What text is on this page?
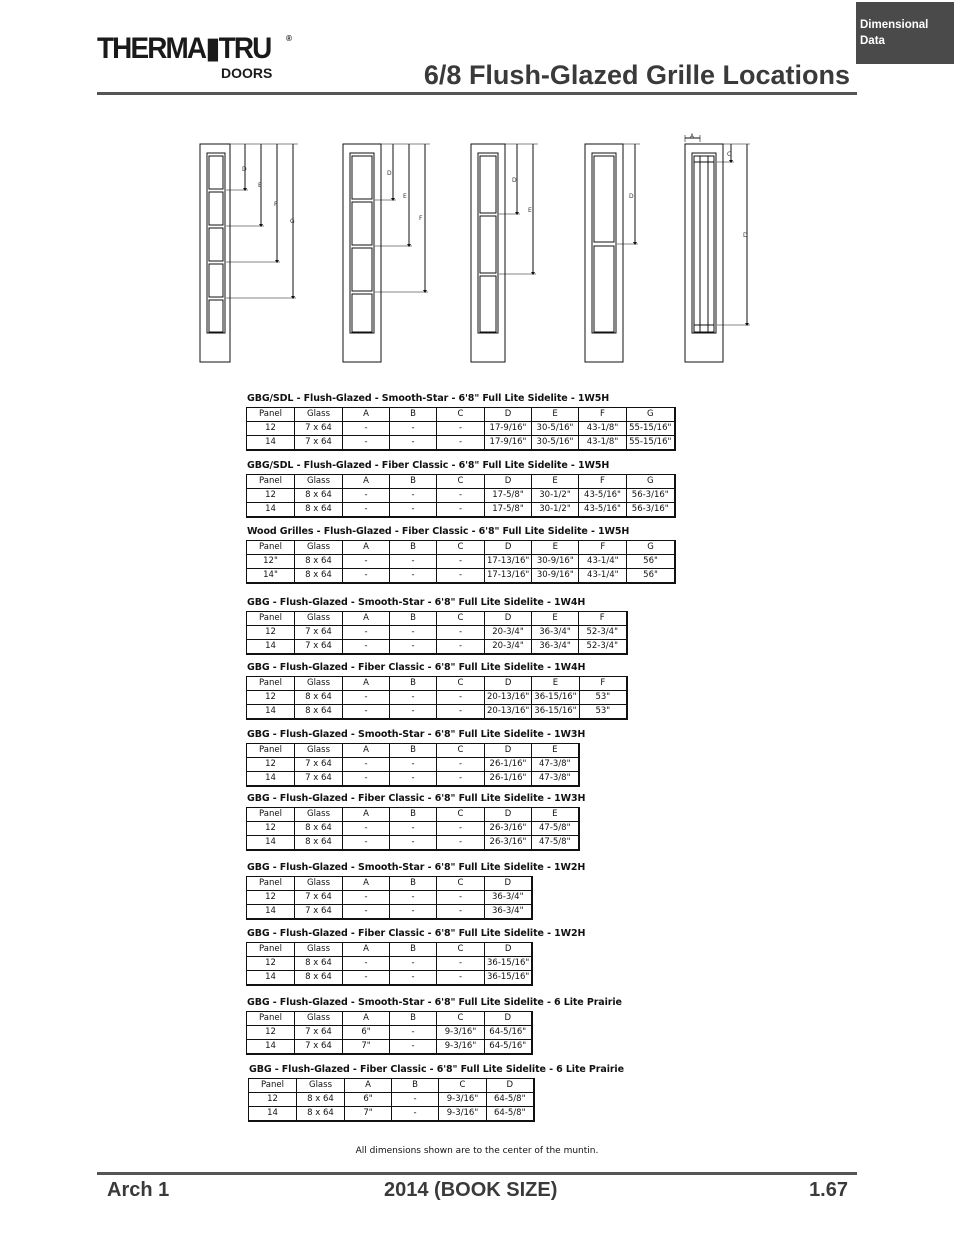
Dimensional
Data
THERMA▮TRU ®
DOORS	6/8 Flush-Glazed Grille Locations
D
E
F
G
D
E
F
D
E
D
A
C
D
GBG/SDL - Flush-Glazed - Smooth-Star - 6'8" Full Lite Sidelite - 1W5H
Panel	Glass	A	B	C	D	E	F	G
12	7 x 64	-	-	-	17-9/16"	30-5/16"	43-1/8"	55-15/16"
14	7 x 64	-	-	-	17-9/16"	30-5/16"	43-1/8"	55-15/16"
GBG/SDL - Flush-Glazed - Fiber Classic - 6'8" Full Lite Sidelite - 1W5H
Panel	Glass	A	B	C	D	E	F	G
12	8 x 64	-	-	-	17-5/8"	30-1/2"	43-5/16"	56-3/16"
14	8 x 64	-	-	-	17-5/8"	30-1/2"	43-5/16"	56-3/16"
Wood Grilles - Flush-Glazed - Fiber Classic - 6'8" Full Lite Sidelite - 1W5H
Panel	Glass	A	B	C	D	E	F	G
12"	8 x 64	-	-	-	17-13/16"	30-9/16"	43-1/4"	56"
14"	8 x 64	-	-	-	17-13/16"	30-9/16"	43-1/4"	56"
GBG - Flush-Glazed - Smooth-Star - 6'8" Full Lite Sidelite - 1W4H
Panel	Glass	A	B	C	D	E	F
12	7 x 64	-	-	-	20-3/4"	36-3/4"	52-3/4"
14	7 x 64	-	-	-	20-3/4"	36-3/4"	52-3/4"
GBG - Flush-Glazed - Fiber Classic - 6'8" Full Lite Sidelite - 1W4H
Panel	Glass	A	B	C	D	E	F
12	8 x 64	-	-	-	20-13/16"	36-15/16"	53"
14	8 x 64	-	-	-	20-13/16"	36-15/16"	53"
GBG - Flush-Glazed - Smooth-Star - 6'8" Full Lite Sidelite - 1W3H
Panel	Glass	A	B	C	D	E
12	7 x 64	-	-	-	26-1/16"	47-3/8"
14	7 x 64	-	-	-	26-1/16"	47-3/8"
GBG - Flush-Glazed - Fiber Classic - 6'8" Full Lite Sidelite - 1W3H
Panel	Glass	A	B	C	D	E
12	8 x 64	-	-	-	26-3/16"	47-5/8"
14	8 x 64	-	-	-	26-3/16"	47-5/8"
GBG - Flush-Glazed - Smooth-Star - 6'8" Full Lite Sidelite - 1W2H
Panel	Glass	A	B	C	D
12	7 x 64	-	-	-	36-3/4"
14	7 x 64	-	-	-	36-3/4"
GBG - Flush-Glazed - Fiber Classic - 6'8" Full Lite Sidelite - 1W2H
Panel	Glass	A	B	C	D
12	8 x 64	-	-	-	36-15/16"
14	8 x 64	-	-	-	36-15/16"
GBG - Flush-Glazed - Smooth-Star - 6'8" Full Lite Sidelite - 6 Lite Prairie
Panel	Glass	A	B	C	D
12	7 x 64	6"	-	9-3/16"	64-5/16"
14	7 x 64	7"	-	9-3/16"	64-5/16"
GBG - Flush-Glazed - Fiber Classic - 6'8" Full Lite Sidelite - 6 Lite Prairie
Panel	Glass	A	B	C	D
12	8 x 64	6"	-	9-3/16"	64-5/8"
14	8 x 64	7"	-	9-3/16"	64-5/8"
All dimensions shown are to the center of the muntin.
Arch 1	2014 (BOOK SIZE)	1.67
